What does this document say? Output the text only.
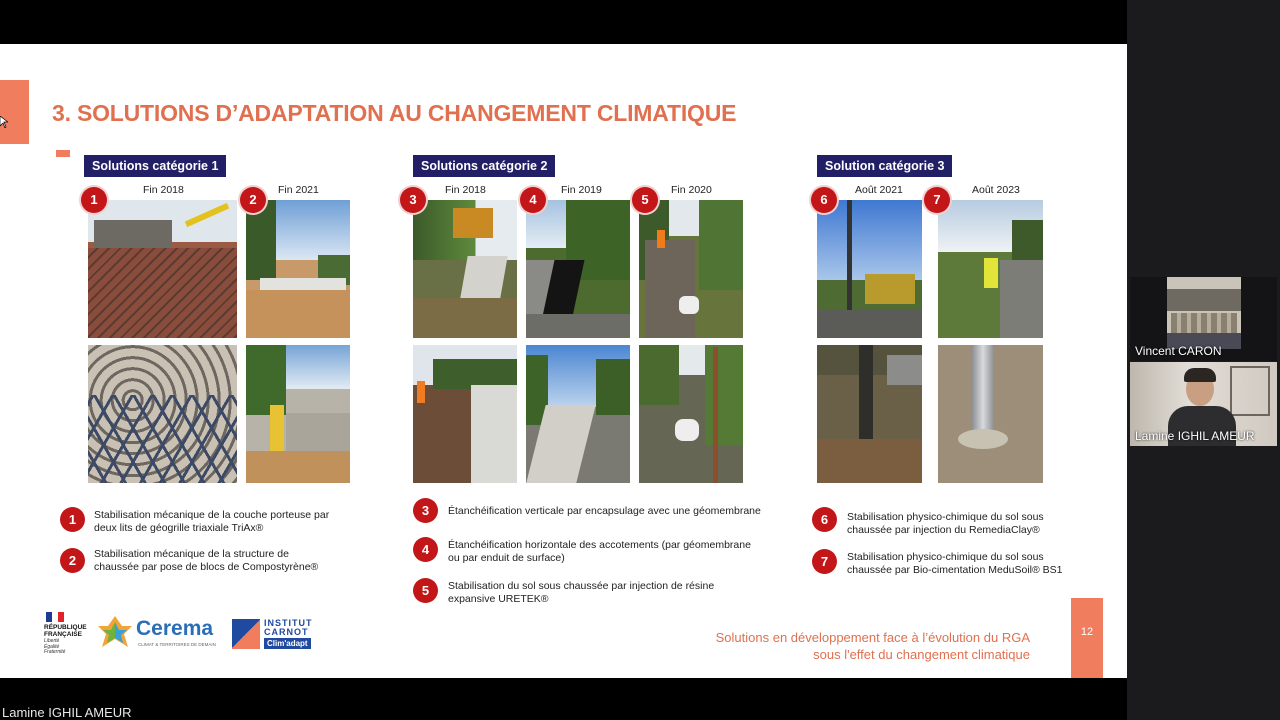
3. SOLUTIONS D’ADAPTATION AU CHANGEMENT CLIMATIQUE
Solutions catégorie 1	Solutions catégorie 2	Solution catégorie 3
Fin 2018	Fin 2021	Fin 2018	Fin 2019	Fin 2020	Août 2021	Août 2023
1	2	3	4	5	6	7
1	Stabilisation mécanique de la couche porteuse par deux lits de géogrille triaxiale TriAx®
2	Stabilisation mécanique de la structure de chaussée par pose de blocs de Compostyrène®
3	Étanchéification verticale par encapsulage avec une géomembrane
4	Étanchéification horizontale des accotements (par géomembrane ou par enduit de surface)
5	Stabilisation du sol sous chaussée par injection de résine expansive URETEK®
6	Stabilisation physico-chimique du sol sous chaussée par injection du RemediaClay®
7	Stabilisation physico-chimique du sol sous chaussée par Bio-cimentation MeduSoil® BS1
RÉPUBLIQUE
FRANÇAISE
Liberté
Égalité
Fraternité
Cerema
CLIMAT & TERRITOIRES DE DEMAIN
INSTITUT
CARNOT
Clim'adapt	Solutions en développement face à l’évolution du RGA
sous l'effet du changement climatique
12
Vincent CARON
Lamine IGHIL AMEUR
Lamine IGHIL AMEUR
